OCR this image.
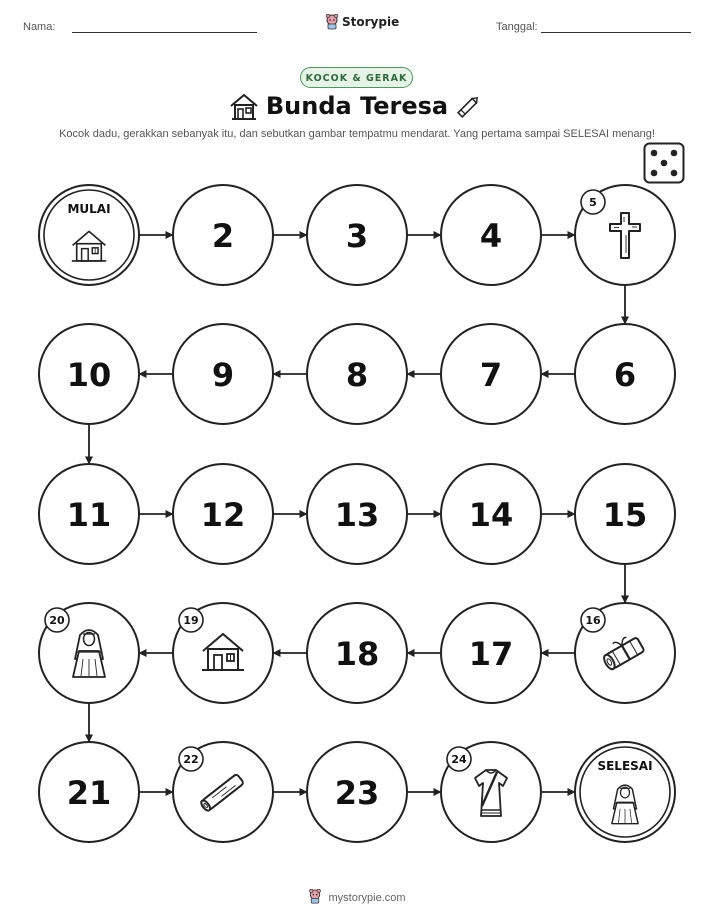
Nama:	Storypie	Tanggal:
KOCOK & GERAK
Bunda Teresa
Kocok dadu, gerakkan sebanyak itu, dan sebutkan gambar tempatmu mendarat. Yang pertama sampai SELESAI menang!
MULAI
2	3	4
5
6
7
8
9
10
11	12	13	14	15
16
17
18
19
20
21
22
23
24	SELESAI
mystorypie.com
